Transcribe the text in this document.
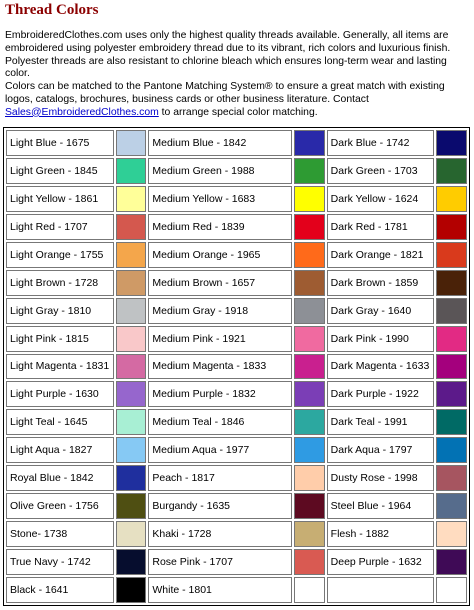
Thread Colors
EmbroideredClothes.com uses only the highest quality threads available. Generally, all items are embroidered using polyester embroidery thread due to its vibrant, rich colors and luxurious finish. Polyester threads are also resistant to chlorine bleach which ensures long-term wear and lasting color.
Colors can be matched to the Pantone Matching System® to ensure a great match with existing logos, catalogs, brochures, business cards or other business literature. Contact Sales@EmbroideredClothes.com to arrange special color matching.
Light Blue - 1675		Medium Blue - 1842		Dark Blue - 1742	
Light Green - 1845		Medium Green - 1988		Dark Green - 1703	
Light Yellow - 1861		Medium Yellow - 1683		Dark Yellow - 1624	
Light Red - 1707		Medium Red - 1839		Dark Red - 1781	
Light Orange - 1755		Medium Orange - 1965		Dark Orange - 1821	
Light Brown - 1728		Medium Brown - 1657		Dark Brown - 1859	
Light Gray - 1810		Medium Gray - 1918		Dark Gray - 1640	
Light Pink - 1815		Medium Pink - 1921		Dark Pink - 1990	
Light Magenta - 1831		Medium Magenta - 1833		Dark Magenta - 1633	
Light Purple - 1630		Medium Purple - 1832		Dark Purple - 1922	
Light Teal - 1645		Medium Teal - 1846		Dark Teal - 1991	
Light Aqua - 1827		Medium Aqua - 1977		Dark Aqua - 1797	
Royal Blue - 1842		Peach - 1817		Dusty Rose - 1998	
Olive Green - 1756		Burgandy - 1635		Steel Blue - 1964	
Stone- 1738		Khaki - 1728		Flesh - 1882	
True Navy - 1742		Rose Pink - 1707		Deep Purple - 1632	
Black - 1641		White - 1801			
